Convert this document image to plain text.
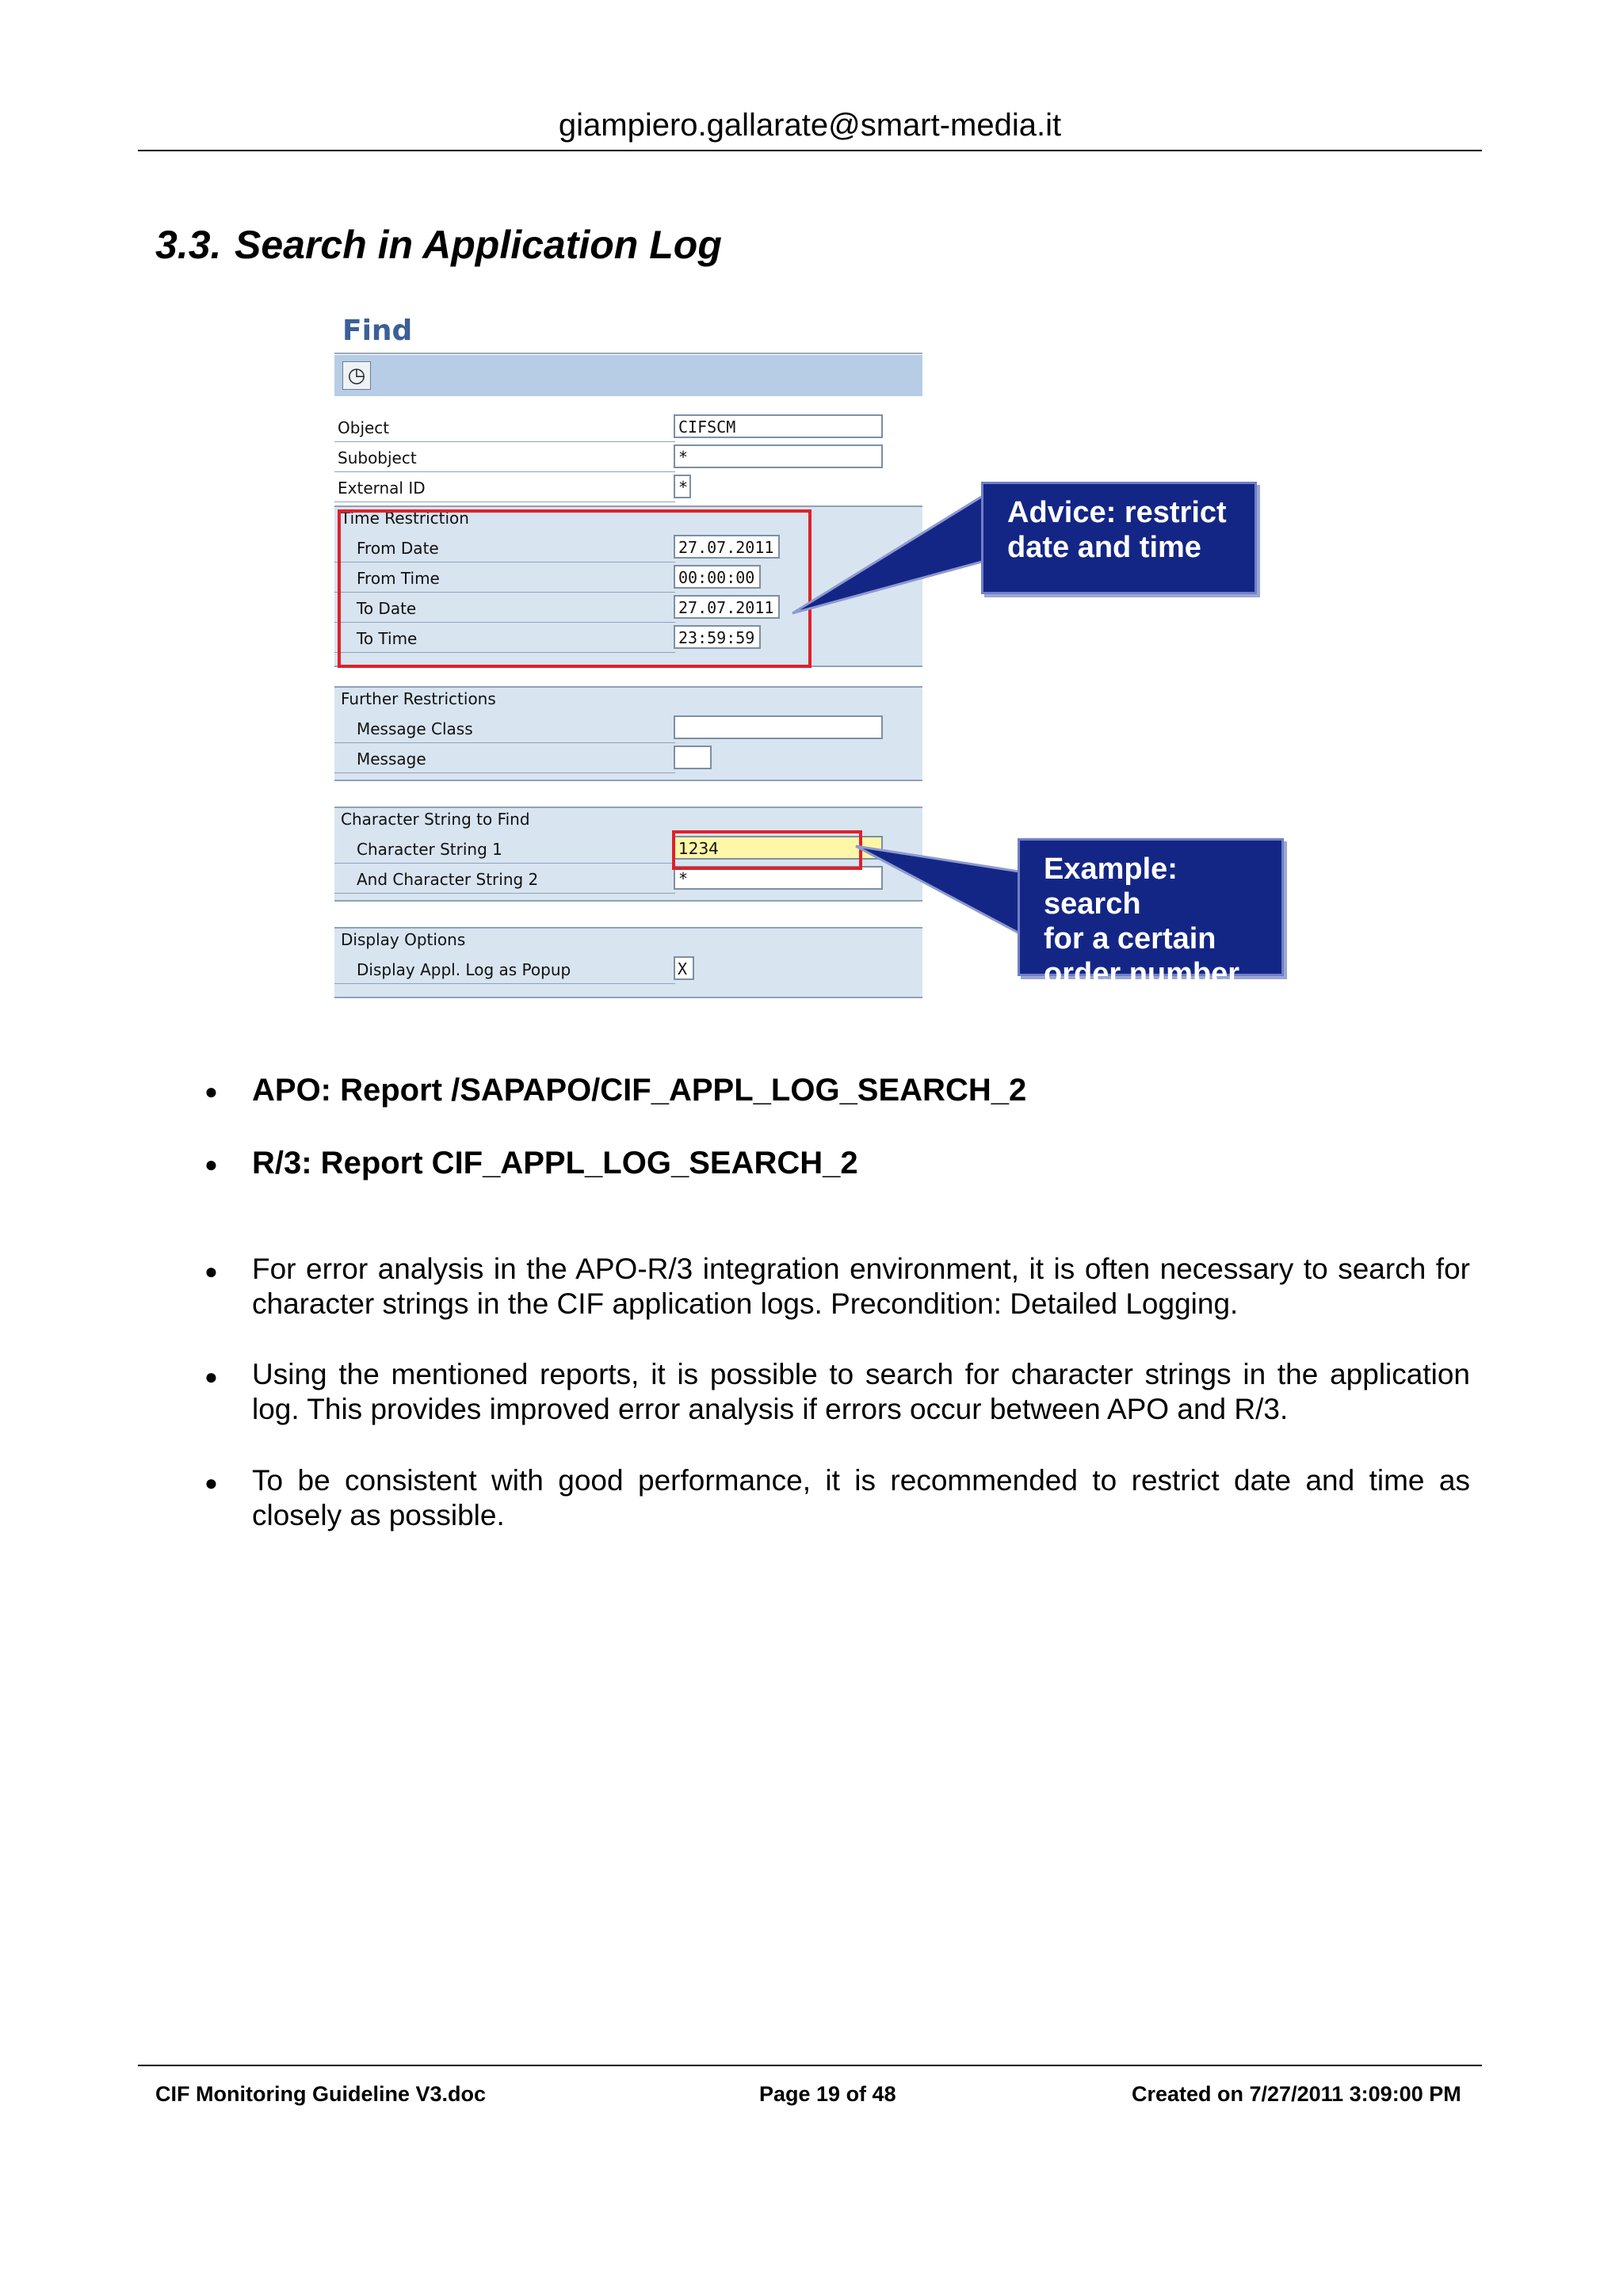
giampiero.gallarate@smart-media.it
3.3. Search in Application Log
Find
◷
Object	CIFSCM
Subobject	*
External ID	*
Time Restriction
From Date	27.07.2011
From Time	00:00:00
To Date	27.07.2011
To Time	23:59:59
Further Restrictions
Message Class
Message
Character String to Find
Character String 1	1234
And Character String 2	*
Display Options
Display Appl. Log as Popup	X
Advice: restrict
date and time
Example: search
for a certain
order number
● APO: Report /SAPAPO/CIF_APPL_LOG_SEARCH_2
● R/3: Report CIF_APPL_LOG_SEARCH_2
● For error analysis in the APO-R/3 integration environment, it is often necessary to search for character strings in the CIF application logs. Precondition: Detailed Logging.
● Using the mentioned reports, it is possible to search for character strings in the application log. This provides improved error analysis if errors occur between APO and R/3.
● To be consistent with good performance, it is recommended to restrict date and time as closely as possible.
CIF Monitoring Guideline V3.doc	Page 19 of 48	Created on 7/27/2011 3:09:00 PM
